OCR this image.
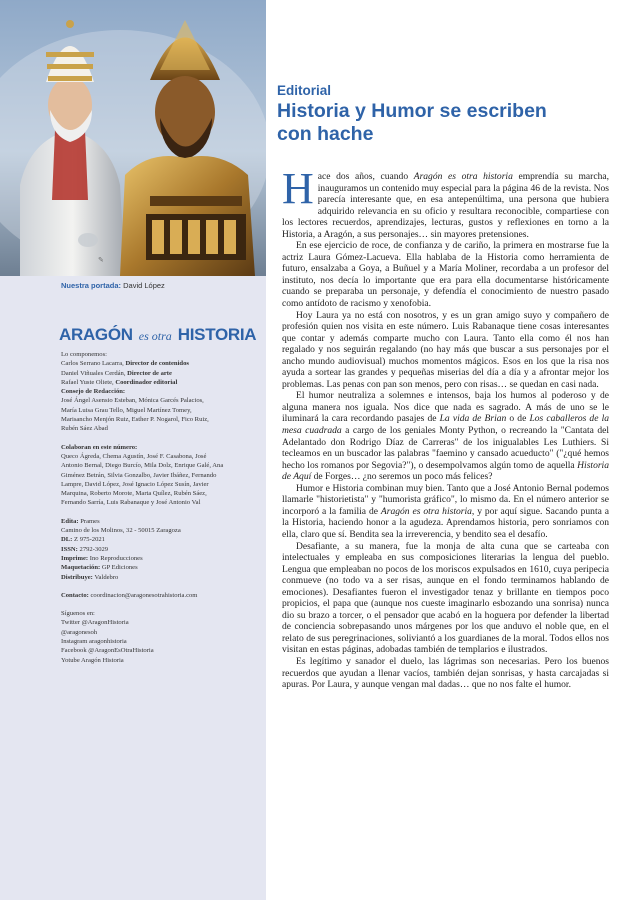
✎
Nuestra portada: David López
ARAGÓN es otra HISTORIA

Lo componemos:

Carlos Serrano Lacarra, Director de contenidos

Daniel Viñuales Cerdán, Director de arte

Rafael Yuste Oliete, Coordinador editorial

Consejo de Redacción:

José Ángel Asensio Esteban, Mónica Garcés Palacios,

María Luisa Grau Tello, Miguel Martínez Tomey,

Marisancho Menjón Ruiz, Esther P. Nogarol, Fico Ruiz,

Rubén Sáez Abad

Colaboran en este número:

Queco Ágreda, Chema Agustín, José F. Casabona, José

Antonio Bernal, Diego Burcío, Mila Dolz, Enrique Galé, Ana

Giménez Betrán, Silvia Gonzalbo, Javier Ibáñez, Fernando

Lampre, David López, José Ignacio López Susín, Javier

Marquina, Roberto Morote, Marta Quílez, Rubén Sáez,

Fernando Sarría, Luis Rabanaque y José Antonio Val

Edita: Prames

Camino de los Molinos, 32 - 50015 Zaragoza

DL: Z 975-2021

ISSN: 2792-3029

Imprime: Ino Reproducciones

Maquetación: GP Ediciones

Distribuye: Valdebro

Contacto: coordinacion@aragonesotrahistoria.com

Síguenos en:

Twitter @AragonHistoria

@aragonesoh

Instagram aragonhistoria

Facebook @AragonEsOtraHistoria

Yotube Aragón Historia

Editorial
Historia y Humor se escriben con hache

Hace dos años, cuando Aragón es otra historia emprendía su marcha, inauguramos un contenido muy especial para la página 46 de la revista. Nos parecía interesante que, en esa antepenúltima, una persona que hubiera adquirido relevancia en su oficio y resultara reconocible, compartiese con los lectores recuerdos, aprendizajes, lecturas, gustos y reflexiones en torno a la Historia, a Aragón, a sus personajes… sin mayores pretensiones.

En ese ejercicio de roce, de confianza y de cariño, la primera en mostrarse fue la actriz Laura Gómez-Lacueva. Ella hablaba de la Historia como herramienta de futuro, ensalzaba a Goya, a Buñuel y a María Moliner, recordaba a un profesor del instituto, nos decía lo importante que era para ella documentarse históricamente cuando se preparaba un personaje, y defendía el conocimiento de nuestro pasado como antídoto de racismo y xenofobia.

Hoy Laura ya no está con nosotros, y es un gran amigo suyo y compañero de profesión quien nos visita en este número. Luis Rabanaque tiene cosas interesantes que contar y además comparte mucho con Laura. Tanto ella como él nos han regalado y nos seguirán regalando (no hay más que buscar a sus personajes por el ancho mundo audiovisual) muchos momentos mágicos. Esos en los que la risa nos ayuda a sortear las grandes y pequeñas miserias del día a día y a afrontar mejor los problemas. Las penas con pan son menos, pero con risas… se quedan en casi nada.

El humor neutraliza a solemnes e intensos, baja los humos al poderoso y de alguna manera nos iguala. Nos dice que nada es sagrado. A más de uno se le iluminará la cara recordando pasajes de La vida de Brian o de Los caballeros de la mesa cuadrada a cargo de los geniales Monty Python, o recreando la "Cantata del Adelantado don Rodrigo Díaz de Carreras" de los inigualables Les Luthiers. Si tecleamos en un buscador las palabras "faemino y cansado acueducto" ("¿qué hemos hecho los romanos por Segovia?"), o desempolvamos algún tomo de aquella Historia de Aquí de Forges… ¿no seremos un poco más felices?

Humor e Historia combinan muy bien. Tanto que a José Antonio Bernal podemos llamarle "historietista" y "humorista gráfico", lo mismo da. En el número anterior se incorporó a la familia de Aragón es otra historia, y por aquí sigue. Sacando punta a la Historia, haciendo honor a la agudeza. Aprendamos historia, pero sonriamos con ella, claro que sí. Bendita sea la irreverencia, y bendito sea el desafío.

Desafiante, a su manera, fue la monja de alta cuna que se carteaba con intelectuales y empleaba en sus composiciones literarias la lengua del pueblo. Lengua que empleaban no pocos de los moriscos expulsados en 1610, cuya peripecia conmueve (no todo va a ser risas, aunque en el fondo terminamos hablando de emociones). Desafiantes fueron el investigador tenaz y brillante en tiempos poco propicios, el papa que (aunque nos cueste imaginarlo esbozando una sonrisa) nunca dio su brazo a torcer, o el pensador que acabó en la hoguera por defender la libertad de conciencia sobrepasando unos márgenes por los que anduvo el noble que, en el relato de sus peregrinaciones, soliviantó a los guardianes de la moral. Todos ellos nos visitan en estas páginas, adobadas también de templarios e ilustrados.

Es legítimo y sanador el duelo, las lágrimas son necesarias. Pero los buenos recuerdos que ayudan a llenar vacíos, también dejan sonrisas, y hasta carcajadas si apuras. Por Laura, y aunque vengan mal dadas… que no nos falte el humor.
